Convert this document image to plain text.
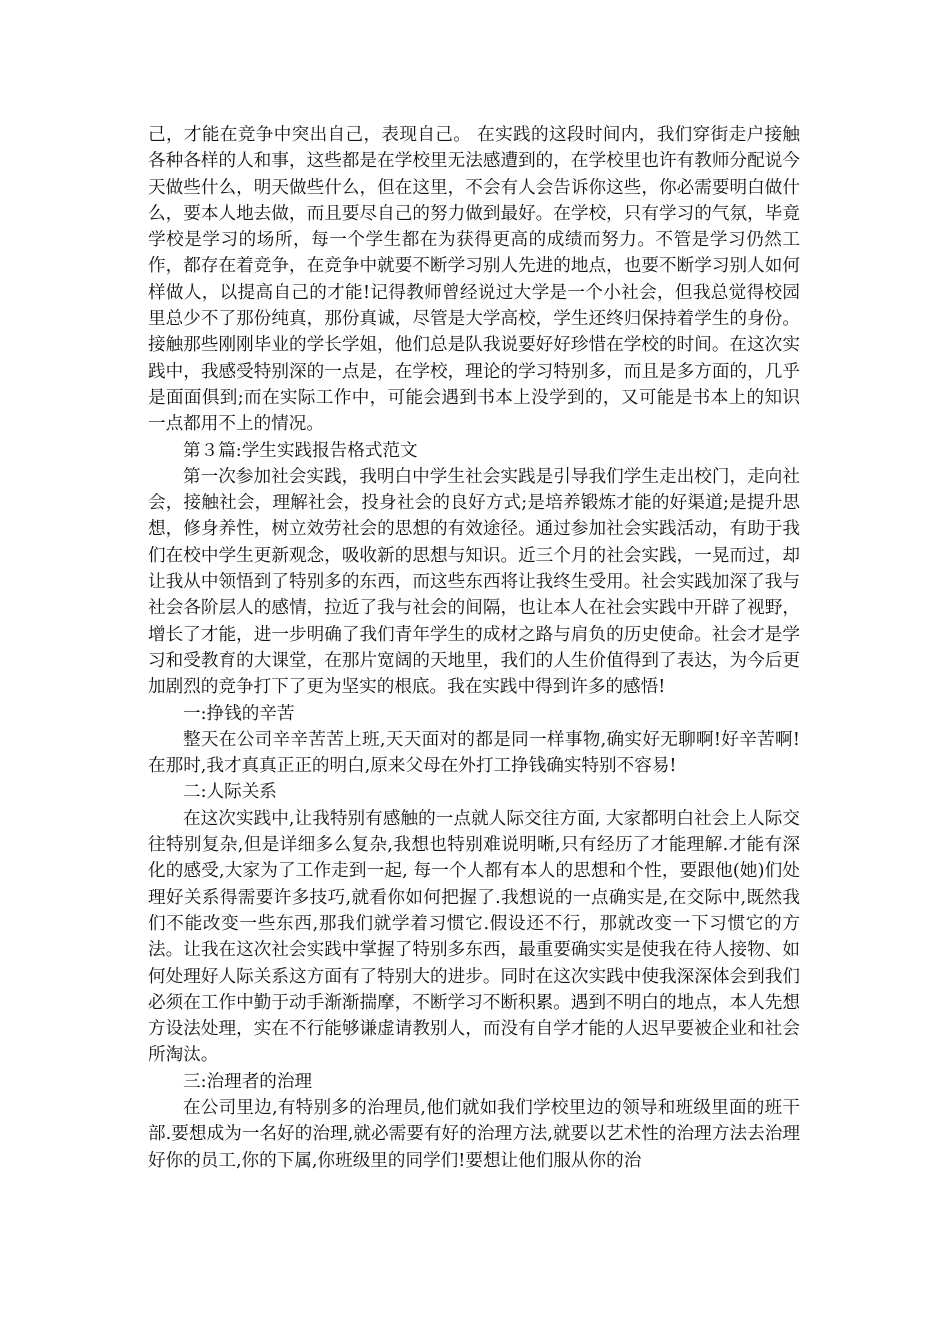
己，才能在竞争中突出自己，表现自己。 在实践的这段时间内，我们穿街走户接触各种各样的人和事，这些都是在学校里无法感遭到的，在学校里也许有教师分配说今天做些什么，明天做些什么，但在这里，不会有人会告诉你这些，你必需要明白做什么，要本人地去做，而且要尽自己的努力做到最好。在学校，只有学习的气氛，毕竟学校是学习的场所，每一个学生都在为获得更高的成绩而努力。不管是学习仍然工作，都存在着竞争，在竞争中就要不断学习别人先进的地点，也要不断学习别人如何样做人，以提高自己的才能!记得教师曾经说过大学是一个小社会，但我总觉得校园里总少不了那份纯真，那份真诚，尽管是大学高校，学生还终归保持着学生的身份。接触那些刚刚毕业的学长学姐，他们总是队我说要好好珍惜在学校的时间。在这次实践中，我感受特别深的一点是，在学校，理论的学习特别多，而且是多方面的，几乎是面面俱到;而在实际工作中，可能会遇到书本上没学到的，又可能是书本上的知识一点都用不上的情况。

第３篇:学生实践报告格式范文

第一次参加社会实践，我明白中学生社会实践是引导我们学生走出校门，走向社会，接触社会，理解社会，投身社会的良好方式;是培养锻炼才能的好渠道;是提升思想，修身养性，树立效劳社会的思想的有效途径。通过参加社会实践活动，有助于我们在校中学生更新观念，吸收新的思想与知识。近三个月的社会实践，一晃而过，却让我从中领悟到了特别多的东西，而这些东西将让我终生受用。社会实践加深了我与社会各阶层人的感情，拉近了我与社会的间隔，也让本人在社会实践中开辟了视野，增长了才能，进一步明确了我们青年学生的成材之路与肩负的历史使命。社会才是学习和受教育的大课堂，在那片宽阔的天地里，我们的人生价值得到了表达，为今后更加剧烈的竞争打下了更为坚实的根底。我在实践中得到许多的感悟!

一:挣钱的辛苦

整天在公司辛辛苦苦上班,天天面对的都是同一样事物,确实好无聊啊!好辛苦啊!在那时,我才真真正正的明白,原来父母在外打工挣钱确实特别不容易!

二:人际关系

在这次实践中,让我特别有感触的一点就人际交往方面, 大家都明白社会上人际交往特别复杂,但是详细多么复杂,我想也特别难说明晰,只有经历了才能理解.才能有深化的感受,大家为了工作走到一起, 每一个人都有本人的思想和个性，要跟他(她)们处理好关系得需要许多技巧,就看你如何把握了.我想说的一点确实是,在交际中,既然我们不能改变一些东西,那我们就学着习惯它.假设还不行，那就改变一下习惯它的方法。让我在这次社会实践中掌握了特别多东西，最重要确实实是使我在待人接物、如何处理好人际关系这方面有了特别大的进步。同时在这次实践中使我深深体会到我们必须在工作中勤于动手渐渐揣摩，不断学习不断积累。遇到不明白的地点，本人先想方设法处理，实在不行能够谦虚请教别人，而没有自学才能的人迟早要被企业和社会所淘汰。

三:治理者的治理

在公司里边,有特别多的治理员,他们就如我们学校里边的领导和班级里面的班干部.要想成为一名好的治理,就必需要有好的治理方法,就要以艺术性的治理方法去治理好你的员工,你的下属,你班级里的同学们!要想让他们服从你的治
